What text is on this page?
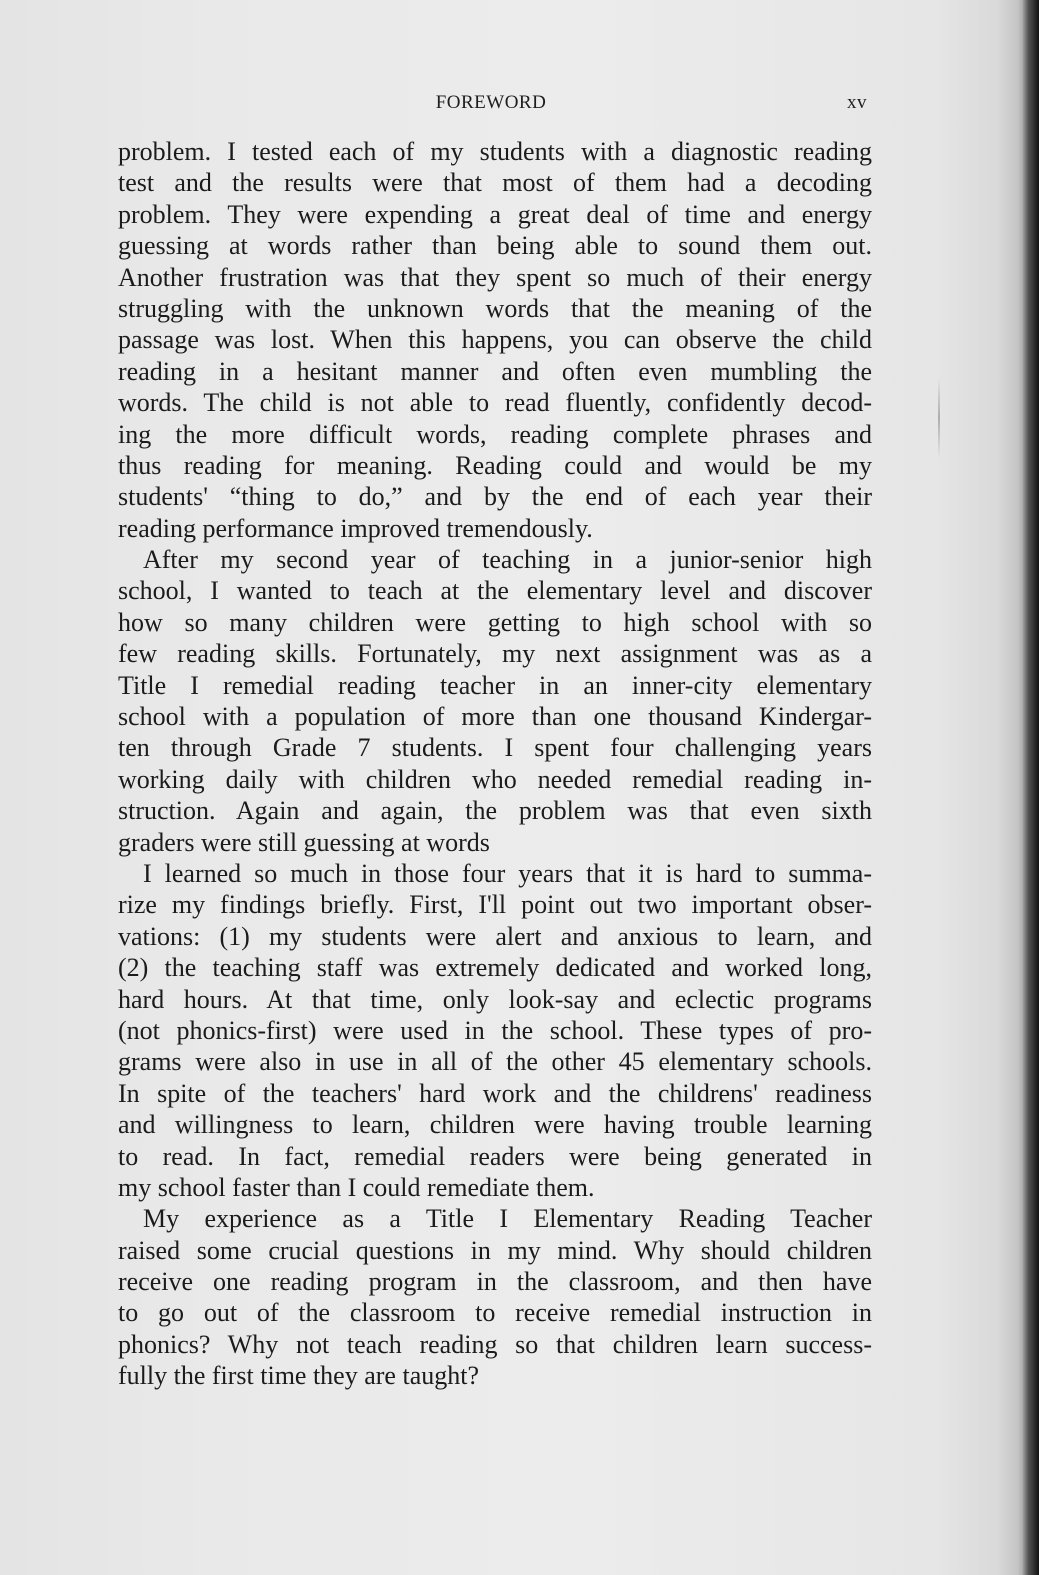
FOREWORD	xv
problem. I tested each of my students with a diagnostic reading
test and the results were that most of them had a decoding
problem. They were expending a great deal of time and energy
guessing at words rather than being able to sound them out.
Another frustration was that they spent so much of their energy
struggling with the unknown words that the meaning of the
passage was lost. When this happens, you can observe the child
reading in a hesitant manner and often even mumbling the
words. The child is not able to read fluently, confidently decod-
ing the more difficult words, reading complete phrases and
thus reading for meaning. Reading could and would be my
students' “thing to do,” and by the end of each year their
reading performance improved tremendously.
After my second year of teaching in a junior-senior high
school, I wanted to teach at the elementary level and discover
how so many children were getting to high school with so
few reading skills. Fortunately, my next assignment was as a
Title I remedial reading teacher in an inner-city elementary
school with a population of more than one thousand Kindergar-
ten through Grade 7 students. I spent four challenging years
working daily with children who needed remedial reading in-
struction. Again and again, the problem was that even sixth
graders were still guessing at words
I learned so much in those four years that it is hard to summa-
rize my findings briefly. First, I'll point out two important obser-
vations: (1) my students were alert and anxious to learn, and
(2) the teaching staff was extremely dedicated and worked long,
hard hours. At that time, only look-say and eclectic programs
(not phonics-first) were used in the school. These types of pro-
grams were also in use in all of the other 45 elementary schools.
In spite of the teachers' hard work and the childrens' readiness
and willingness to learn, children were having trouble learning
to read. In fact, remedial readers were being generated in
my school faster than I could remediate them.
My experience as a Title I Elementary Reading Teacher
raised some crucial questions in my mind. Why should children
receive one reading program in the classroom, and then have
to go out of the classroom to receive remedial instruction in
phonics? Why not teach reading so that children learn success-
fully the first time they are taught?
